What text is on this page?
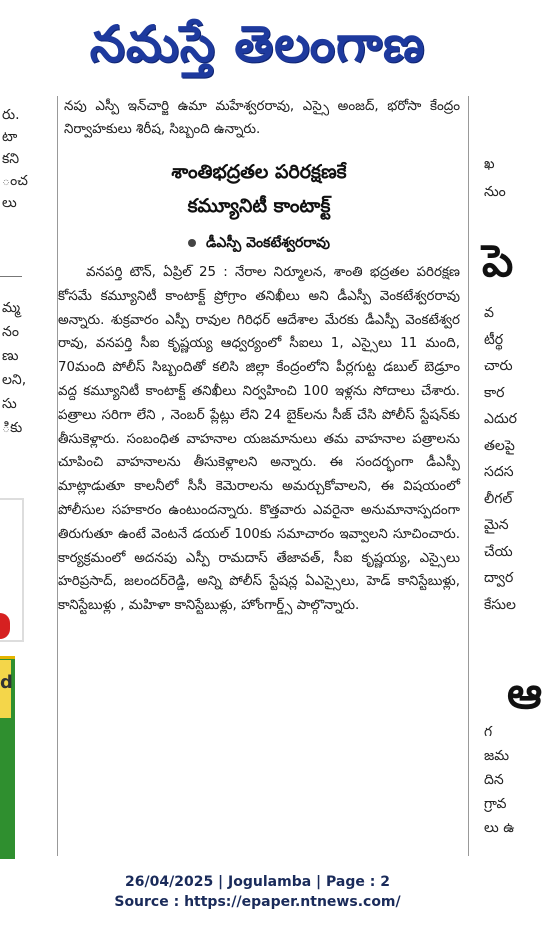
నమస్తే తెలంగాణ
రు.
టా
కని
ంచ
లు
మ్మ
నం
ణు
లని,
సు
ికు
d

నపు ఎస్పీ ఇన్‌చార్జి ఉమా మహేశ్వరరావు, ఎస్సై అంజద్, భరోసా కేంద్రం నిర్వాహకులు శిరీష, సిబ్బంది ఉన్నారు.

శాంతిభద్రతల పరిరక్షణకే
కమ్యూనిటీ కాంటాక్ట్
డీఎస్పీ వెంకటేశ్వరరావు

వనపర్తి టౌన్, ఏప్రిల్ 25 : నేరాల నిర్మూలన, శాంతి భద్రతల పరిరక్షణ కోసమే కమ్యూనిటీ కాంటాక్ట్ ప్రోగ్రాం తనిఖీలు అని డీఎస్పీ వెంకటేశ్వరరావు అన్నారు. శుక్రవారం ఎస్పీ రావుల గిరిధర్ ఆదేశాల మేరకు డీఎస్పీ వెంకటేశ్వర రావు, వనపర్తి సీఐ కృష్ణయ్య ఆధ్వర్యంలో సీఐలు 1, ఎస్సైలు 11 మంది, 70మంది పోలీస్ సిబ్బందితో కలిసి జిల్లా కేంద్రంలోని పీర్లగుట్ట డబుల్ బెడ్రూం వద్ద కమ్యూనిటీ కాంటాక్ట్ తనిఖీలు నిర్వహించి 100 ఇళ్లను సోదాలు చేశారు. పత్రాలు సరిగా లేని , నెంబర్ ప్లేట్లు లేని 24 బైక్‌లను సీజ్ చేసి పోలీస్ స్టేషన్‌కు తీసుకెళ్లారు. సంబంధిత వాహనాల యజమానులు తమ వాహనాల పత్రాలను చూపించి వాహనాలను తీసుకెళ్లాలని అన్నారు. ఈ సందర్భంగా డీఎస్పీ మాట్లాడుతూ కాలనీలో సీసీ కెమెరాలను అమర్చుకోవాలని, ఈ విషయంలో పోలీసుల సహకారం ఉంటుందన్నారు. కొత్తవారు ఎవరైనా అనుమానాస్పదంగా తిరుగుతూ ఉంటే వెంటనే డయల్ 100కు సమాచారం ఇవ్వాలని సూచించారు. కార్యక్రమంలో అదనపు ఎస్పీ రామదాస్ తేజావత్, సీఐ కృష్ణయ్య, ఎస్సైలు హరిప్రసాద్, జలందర్‌రెడ్డి, అన్ని పోలీస్ స్టేషన్ల ఏఎస్సైలు, హెడ్ కానిస్టేబుళ్లు, కానిస్టేబుళ్లు , మహిళా కానిస్టేబుళ్లు, హోంగార్డ్స్ పాల్గొన్నారు.

ఖ
నుం
పె
వ
టీర్థ
చారు
కార
ఎదుర
తలపై
సదస
లీగల్
మైన
చేయ
ద్వార
కేసుల
ఆ
గ
జమ
దిన
గ్రావ
లు ఉ
26/04/2025 | Jogulamba | Page : 2
Source : https://epaper.ntnews.com/
